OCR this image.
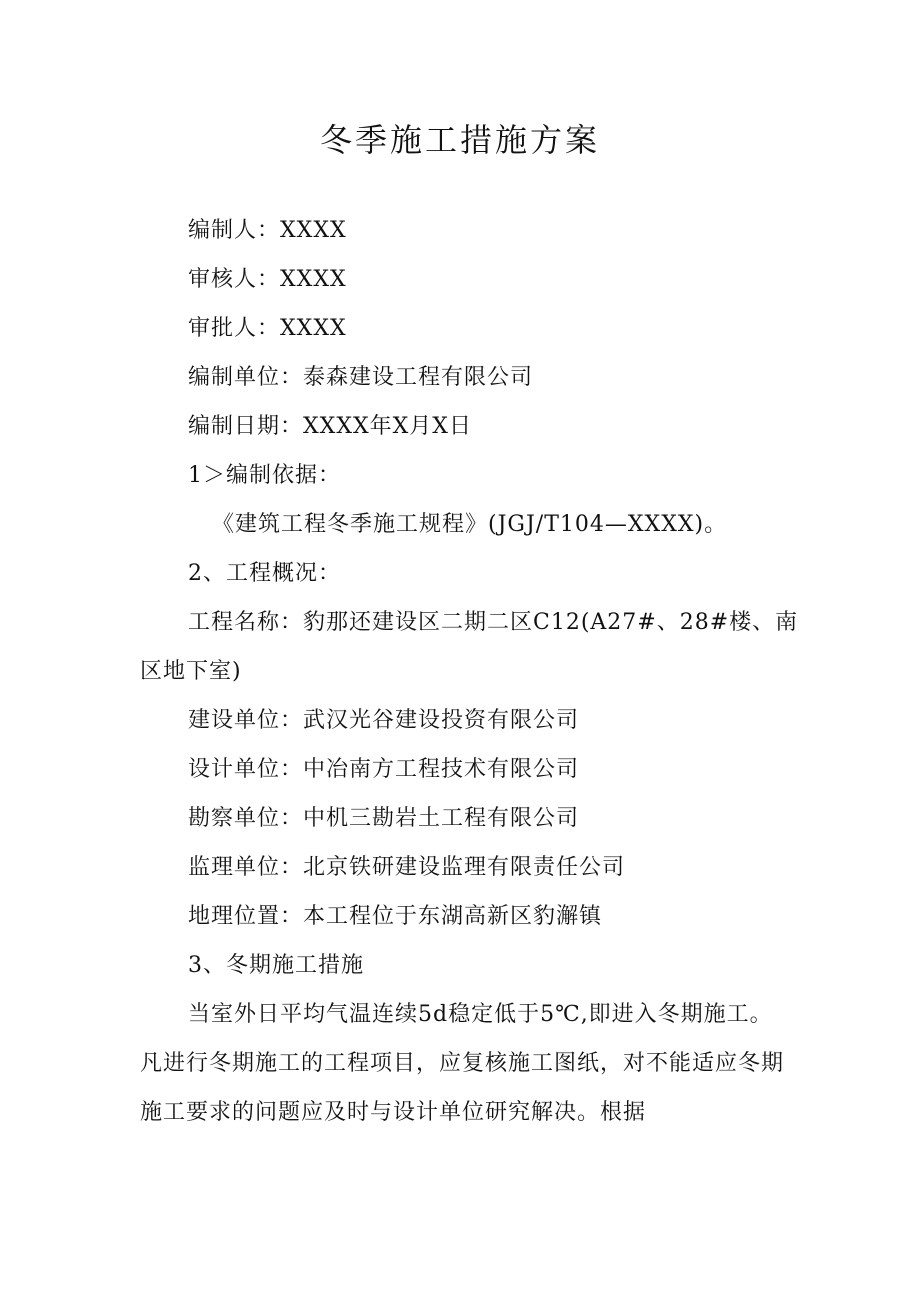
冬季施工措施方案
编制人：XXXX
审核人：XXXX
审批人：XXXX
编制单位：泰森建设工程有限公司
编制日期：XXXX年X月X日
1＞编制依据：
《建筑工程冬季施工规程》(JGJ/T104—XXXX)。
2、工程概况：
工程名称：豹那还建设区二期二区C12(A27#、28#楼、南
区地下室)
建设单位：武汉光谷建设投资有限公司
设计单位：中冶南方工程技术有限公司
勘察单位：中机三勘岩土工程有限公司
监理单位：北京铁研建设监理有限责任公司
地理位置：本工程位于东湖高新区豹澥镇
3、冬期施工措施
当室外日平均气温连续5d稳定低于5℃,即进入冬期施工。
凡进行冬期施工的工程项目，应复核施工图纸，对不能适应冬期
施工要求的问题应及时与设计单位研究解决。根据
